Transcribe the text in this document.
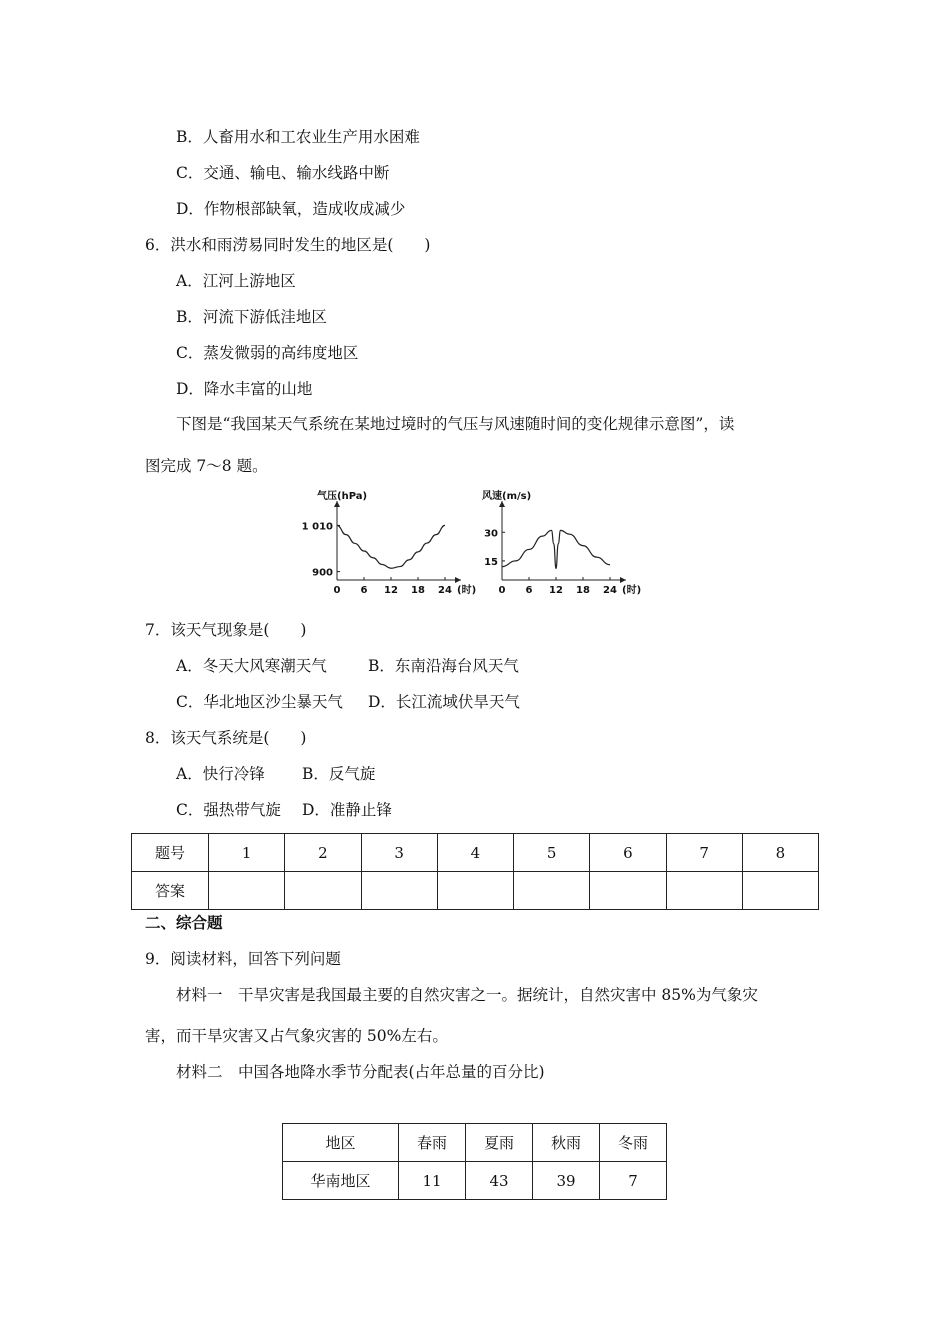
B．人畜用水和工农业生产用水困难
C．交通、输电、输水线路中断
D．作物根部缺氧，造成收成减少
6．洪水和雨涝易同时发生的地区是(　　)
A．江河上游地区
B．河流下游低洼地区
C．蒸发微弱的高纬度地区
D．降水丰富的山地
下图是“我国某天气系统在某地过境时的气压与风速随时间的变化规律示意图”，读
图完成 7～8 题。
气压(hPa)
0 6 12 18 24 (时)
900
1 010
风速(m/s)
0 6 12 18 24 (时)
15
30
7．该天气现象是(　　)
A．冬天大风寒潮天气	B．东南沿海台风天气
C．华北地区沙尘暴天气 D．长江流域伏旱天气
8．该天气系统是(　　)
A．快行冷锋 B．反气旋
C．强热带气旋 D．准静止锋
题号	1	2	3	4	5	6	7	8
答案								
二、综合题
9．阅读材料，回答下列问题
材料一　干旱灾害是我国最主要的自然灾害之一。据统计，自然灾害中 85%为气象灾
害，而干旱灾害又占气象灾害的 50%左右。
材料二　中国各地降水季节分配表(占年总量的百分比)
地区	春雨	夏雨	秋雨	冬雨
华南地区	11	43	39	7
